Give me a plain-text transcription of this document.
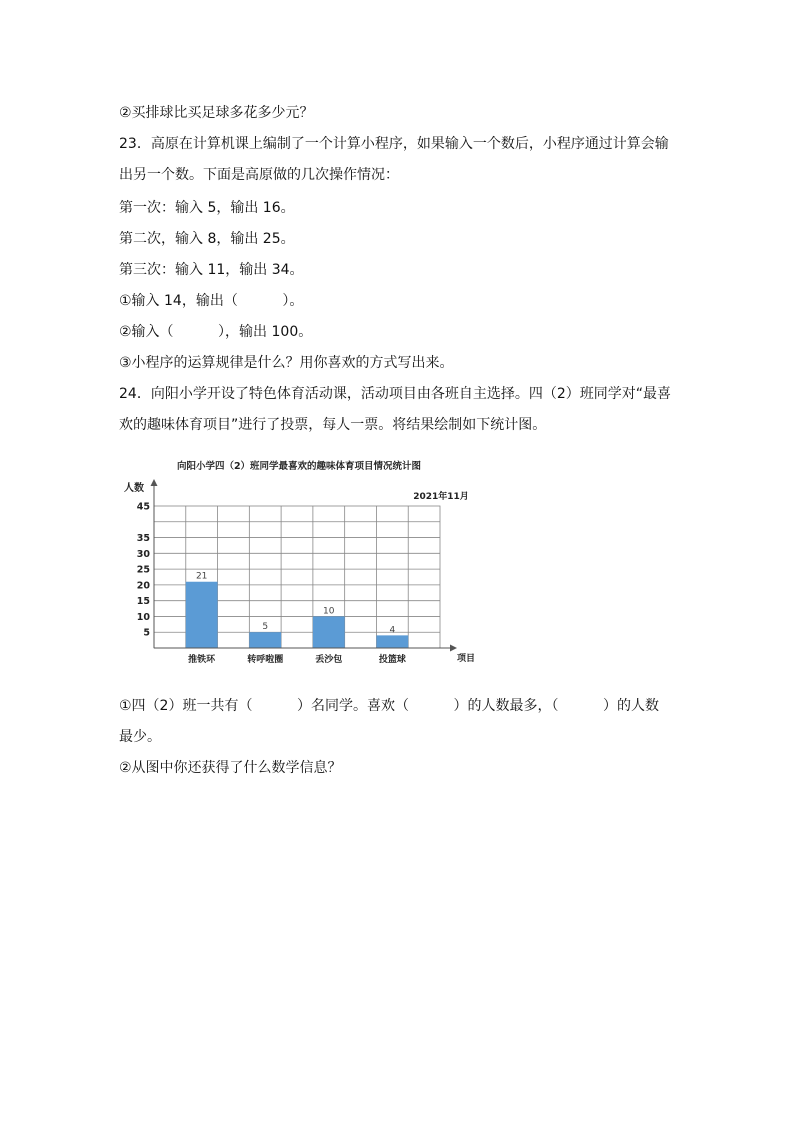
②买排球比买足球多花多少元？
23．高原在计算机课上编制了一个计算小程序，如果输入一个数后，小程序通过计算会输
出另一个数。下面是高原做的几次操作情况：
第一次：输入 5，输出 16。
第二次，输入 8，输出 25。
第三次：输入 11，输出 34。
①输入 14，输出（          ）。
②输入（          ），输出 100。
③小程序的运算规律是什么？用你喜欢的方式写出来。
24．向阳小学开设了特色体育活动课，活动项目由各班自主选择。四（2）班同学对“最喜
欢的趣味体育项目”进行了投票，每人一票。将结果绘制如下统计图。
向阳小学四（2）班同学最喜欢的趣味体育项目情况统计图
2021年11月
人数
项目
21
推铁环
5
转呼啦圈
10
丢沙包
4
投篮球
5
10
15
20
25
30
35
45
①四（2）班一共有（          ）名同学。喜欢（          ）的人数最多，（          ）的人数
最少。
②从图中你还获得了什么数学信息？
